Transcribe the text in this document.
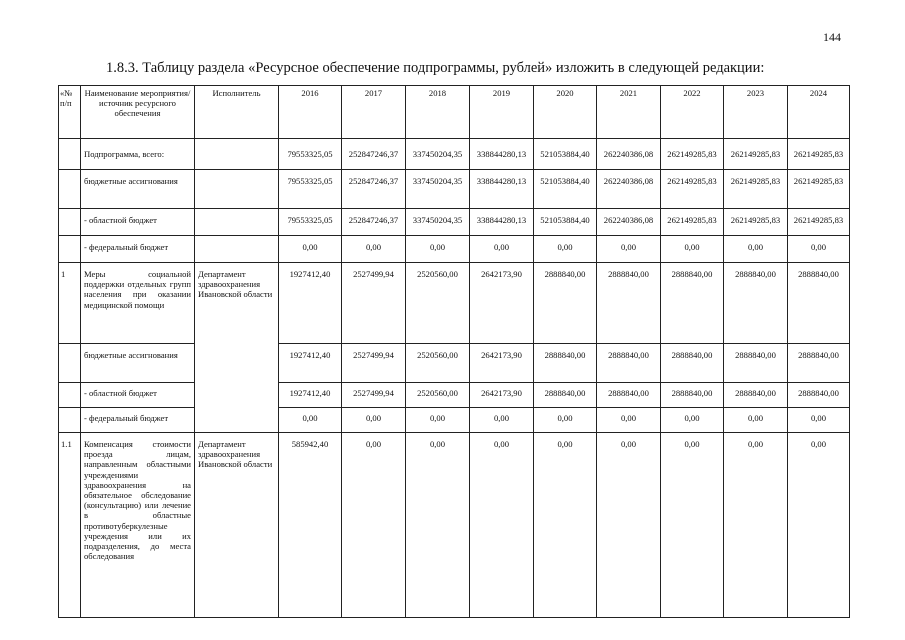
144
1.8.3. Таблицу раздела «Ресурсное обеспечение подпрограммы, рублей» изложить в следующей редакции:
«№ п/п	Наименование мероприятия/источник ресурсного обеспечения	Исполнитель	2016	2017	2018	2019	2020	2021	2022	2023	2024
	Подпрограмма, всего:		79553325,05	252847246,37	337450204,35	338844280,13	521053884,40	262240386,08	262149285,83	262149285,83	262149285,83
	бюджетные ассигнования		79553325,05	252847246,37	337450204,35	338844280,13	521053884,40	262240386,08	262149285,83	262149285,83	262149285,83
	- областной бюджет		79553325,05	252847246,37	337450204,35	338844280,13	521053884,40	262240386,08	262149285,83	262149285,83	262149285,83
	- федеральный бюджет		0,00	0,00	0,00	0,00	0,00	0,00	0,00	0,00	0,00
1	Меры социальной поддержки отдельных групп населения при оказании медицинской помощи	Департамент здравоохранения Ивановской области	1927412,40	2527499,94	2520560,00	2642173,90	2888840,00	2888840,00	2888840,00	2888840,00	2888840,00
	бюджетные ассигнования		1927412,40	2527499,94	2520560,00	2642173,90	2888840,00	2888840,00	2888840,00	2888840,00	2888840,00
	- областной бюджет		1927412,40	2527499,94	2520560,00	2642173,90	2888840,00	2888840,00	2888840,00	2888840,00	2888840,00
	- федеральный бюджет		0,00	0,00	0,00	0,00	0,00	0,00	0,00	0,00	0,00
1.1	Компенсация стоимости проезда лицам, направленным областными учреждениями здравоохранения на обязательное обследование (консультацию) или лечение в областные противотуберкулезные учреждения или их подразделения, до места обследования	Департамент здравоохранения Ивановской области	585942,40	0,00	0,00	0,00	0,00	0,00	0,00	0,00	0,00
